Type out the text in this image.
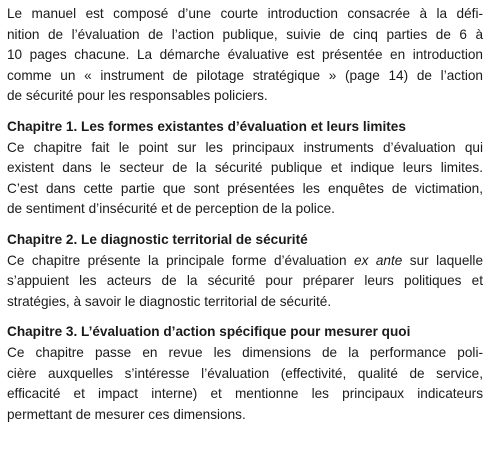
Le manuel est composé d’une courte introduction consacrée à la défi-
nition de l’évaluation de l’action publique, suivie de cinq parties de 6 à
10 pages chacune. La démarche évaluative est présentée en introduction
comme un « instrument de pilotage stratégique » (page 14) de l’action
de sécurité pour les responsables policiers.

Chapitre 1. Les formes existantes d’évaluation et leurs limites
Ce chapitre fait le point sur les principaux instruments d’évaluation qui
existent dans le secteur de la sécurité publique et indique leurs limites.
C’est dans cette partie que sont présentées les enquêtes de victimation,
de sentiment d’insécurité et de perception de la police.
Chapitre 2. Le diagnostic territorial de sécurité
Ce chapitre présente la principale forme d’évaluation ex ante sur laquelle
s’appuient les acteurs de la sécurité pour préparer leurs politiques et
stratégies, à savoir le diagnostic territorial de sécurité.
Chapitre 3. L’évaluation d’action spécifique pour mesurer quoi
Ce chapitre passe en revue les dimensions de la performance poli-
cière auxquelles s’intéresse l’évaluation (effectivité, qualité de service,
efficacité et impact interne) et mentionne les principaux indicateurs
permettant de mesurer ces dimensions.
